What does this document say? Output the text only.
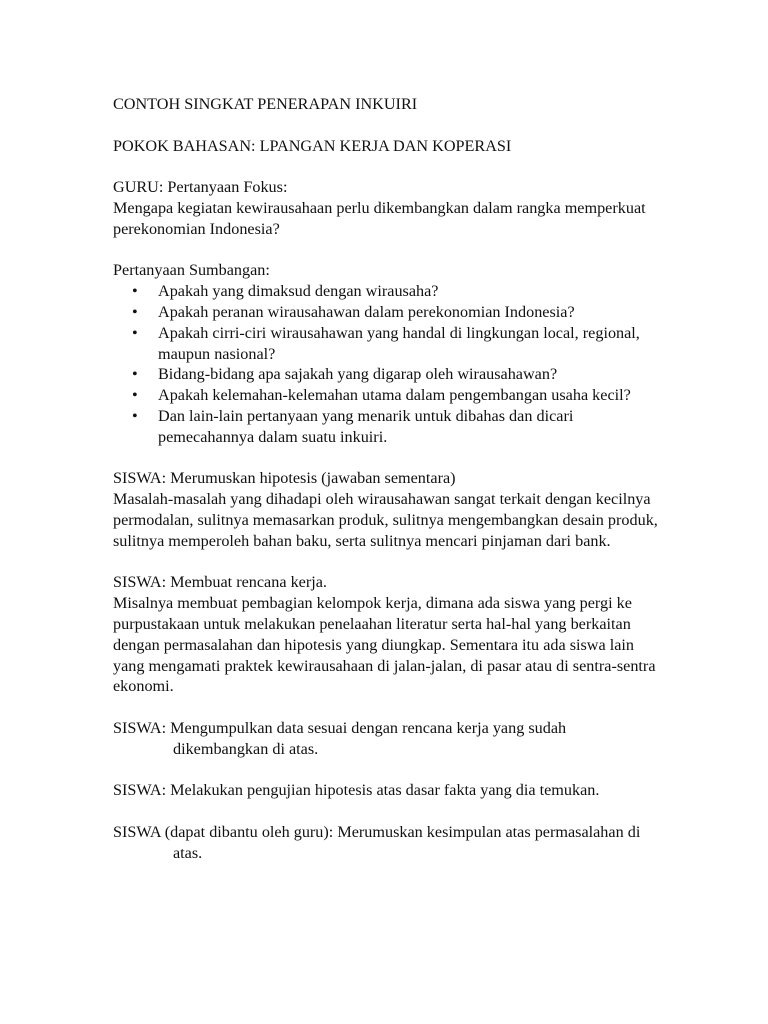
CONTOH SINGKAT PENERAPAN INKUIRI

POKOK BAHASAN: LPANGAN KERJA DAN KOPERASI

GURU: Pertanyaan Fokus:

Mengapa kegiatan kewirausahaan perlu dikembangkan dalam rangka memperkuat perekonomian Indonesia?

Pertanyaan Sumbangan:

• Apakah yang dimaksud dengan wirausaha?
• Apakah peranan wirausahawan dalam perekonomian Indonesia?
• Apakah cirri-ciri wirausahawan yang handal di lingkungan local, regional, maupun nasional?
• Bidang-bidang apa sajakah yang digarap oleh wirausahawan?
• Apakah kelemahan-kelemahan utama dalam pengembangan usaha kecil?
• Dan lain-lain pertanyaan yang menarik untuk dibahas dan dicari pemecahannya dalam suatu inkuiri.

SISWA: Merumuskan hipotesis (jawaban sementara)

Masalah-masalah yang dihadapi oleh wirausahawan sangat terkait dengan kecilnya permodalan, sulitnya memasarkan produk, sulitnya mengembangkan desain produk, sulitnya memperoleh bahan baku, serta sulitnya mencari pinjaman dari bank.

SISWA: Membuat rencana kerja.

Misalnya membuat pembagian kelompok kerja, dimana ada siswa yang pergi ke purpustakaan untuk melakukan penelaahan literatur serta hal-hal yang berkaitan dengan permasalahan dan hipotesis yang diungkap. Sementara itu ada siswa lain yang mengamati praktek kewirausahaan di jalan-jalan, di pasar atau di sentra-sentra ekonomi.

SISWA: Mengumpulkan data sesuai dengan rencana kerja yang sudah dikembangkan di atas.

SISWA: Melakukan pengujian hipotesis atas dasar fakta yang dia temukan.

SISWA (dapat dibantu oleh guru): Merumuskan kesimpulan atas permasalahan di atas.
